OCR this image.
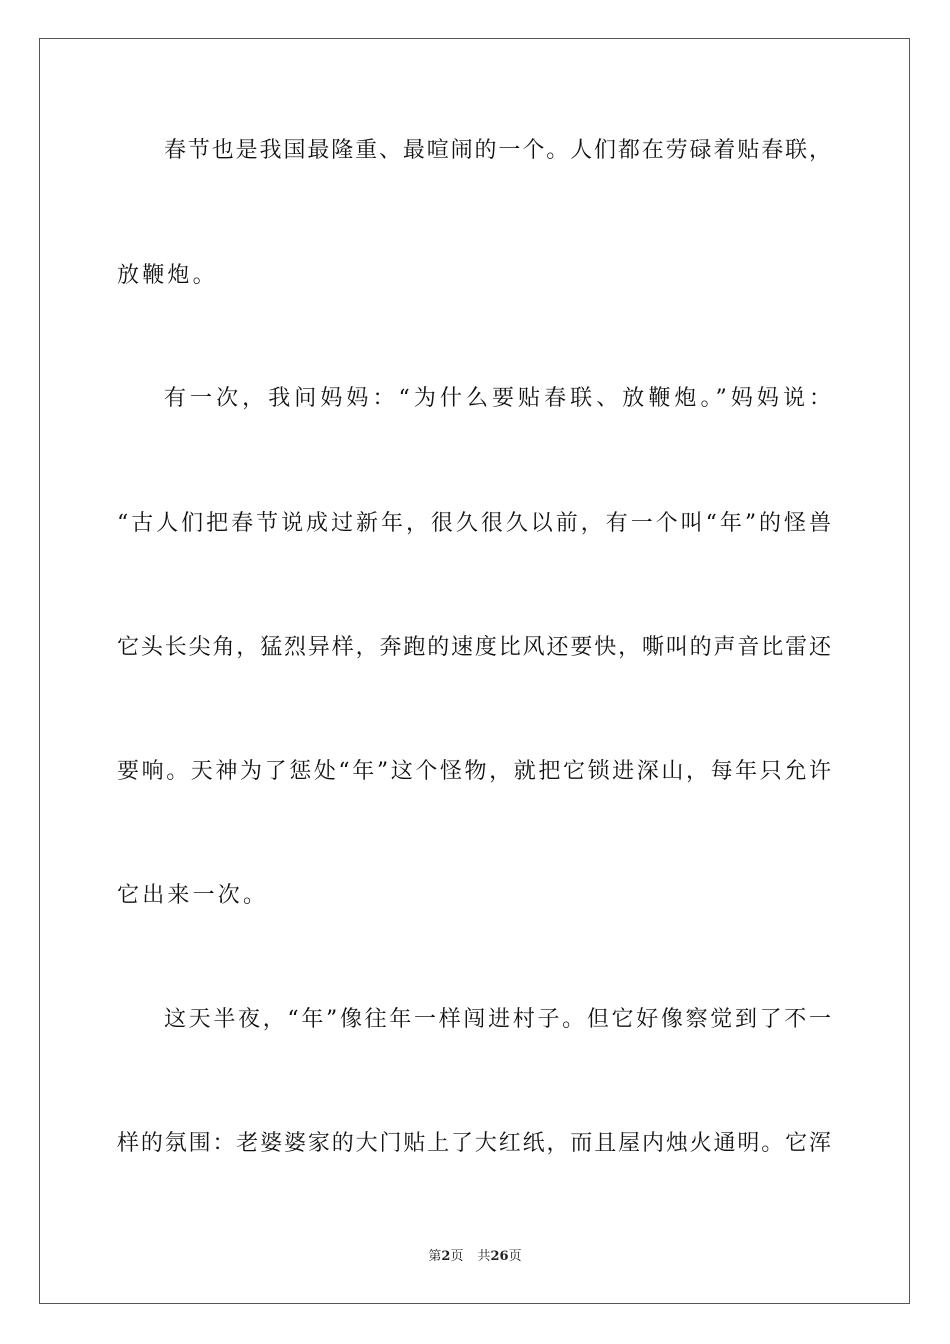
春节也是我国最隆重、最喧闹的一个。人们都在劳碌着贴春联，
放鞭炮。
有一次，我问妈妈：“为什么要贴春联、放鞭炮。”妈妈说：
“古人们把春节说成过新年，很久很久以前，有一个叫“年”的怪兽
它头长尖角，猛烈异样，奔跑的速度比风还要快，嘶叫的声音比雷还
要响。天神为了惩处“年”这个怪物，就把它锁进深山，每年只允许
它出来一次。
这天半夜，“年”像往年一样闯进村子。但它好像察觉到了不一
样的氛围：老婆婆家的大门贴上了大红纸，而且屋内烛火通明。它浑
第2页 共26页
